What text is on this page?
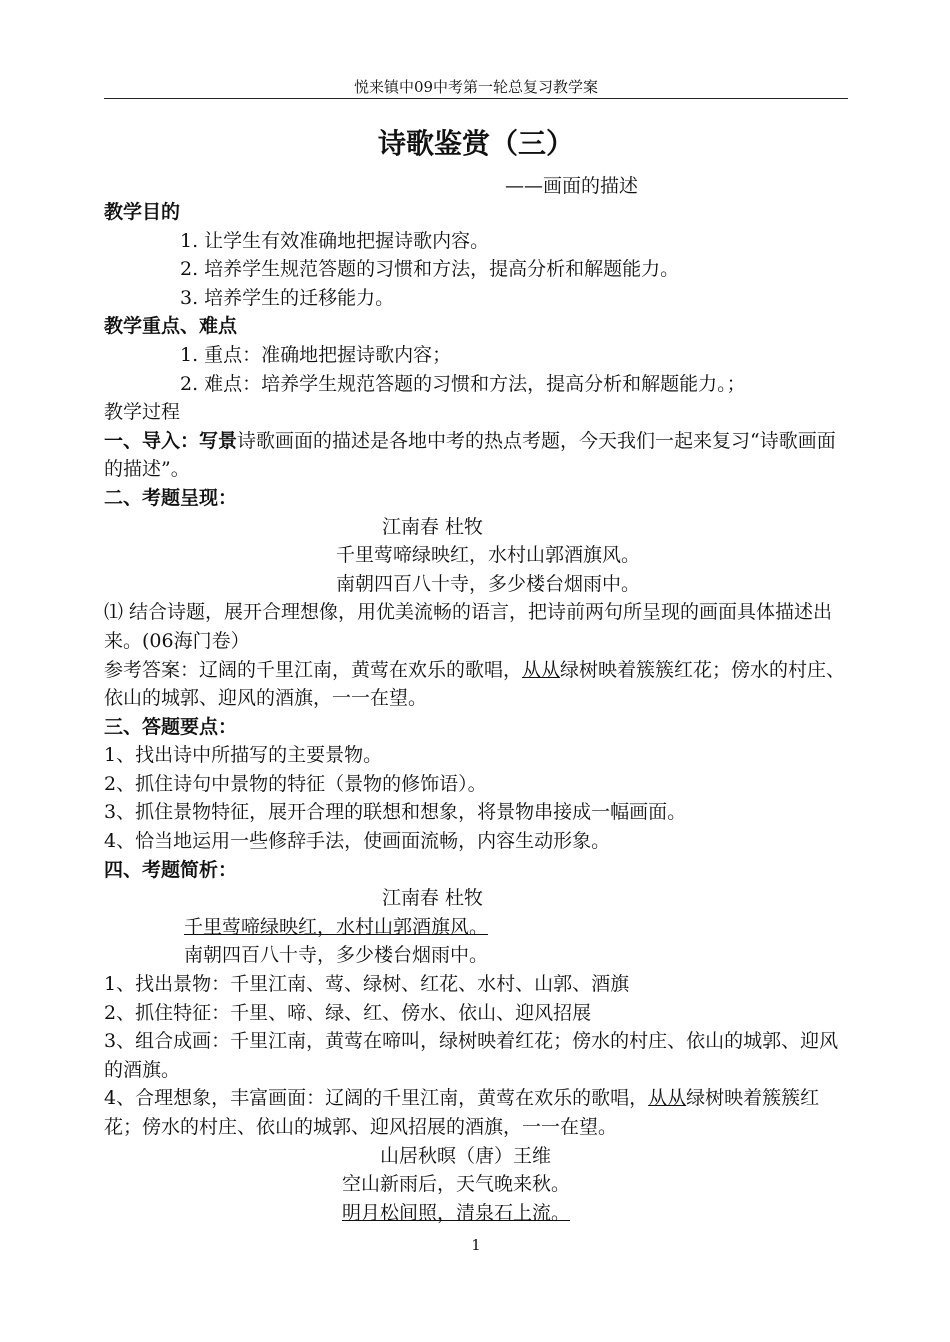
悦来镇中09中考第一轮总复习教学案
诗歌鉴赏（三）
——画面的描述

教学目的

1. 让学生有效准确地把握诗歌内容。

2. 培养学生规范答题的习惯和方法，提高分析和解题能力。

3. 培养学生的迁移能力。

教学重点、难点

1. 重点：准确地把握诗歌内容；

2. 难点：培养学生规范答题的习惯和方法，提高分析和解题能力。；

教学过程

一、导入：写景诗歌画面的描述是各地中考的热点考题，今天我们一起来复习“诗歌画面的描述”。

二、考题呈现：

江南春 杜牧

千里莺啼绿映红，水村山郭酒旗风。

南朝四百八十寺，多少楼台烟雨中。

⑴ 结合诗题，展开合理想像，用优美流畅的语言，把诗前两句所呈现的画面具体描述出来。(06海门卷）

参考答案：辽阔的千里江南，黄莺在欢乐的歌唱，从从绿树映着簇簇红花；傍水的村庄、依山的城郭、迎风的酒旗，一一在望。

三、答题要点：

1、找出诗中所描写的主要景物。

2、抓住诗句中景物的特征（景物的修饰语）。

3、抓住景物特征，展开合理的联想和想象，将景物串接成一幅画面。

4、恰当地运用一些修辞手法，使画面流畅，内容生动形象。

四、考题简析：

江南春 杜牧

千里莺啼绿映红，水村山郭酒旗风。

南朝四百八十寺，多少楼台烟雨中。

1、找出景物：千里江南、莺、绿树、红花、水村、山郭、酒旗

2、抓住特征：千里、啼、绿、红、傍水、依山、迎风招展

3、组合成画：千里江南，黄莺在啼叫，绿树映着红花；傍水的村庄、依山的城郭、迎风的酒旗。

4、合理想象，丰富画面：辽阔的千里江南，黄莺在欢乐的歌唱，从从绿树映着簇簇红花；傍水的村庄、依山的城郭、迎风招展的酒旗，一一在望。

山居秋暝（唐）王维

空山新雨后，天气晚来秋。

明月松间照，清泉石上流。

1
